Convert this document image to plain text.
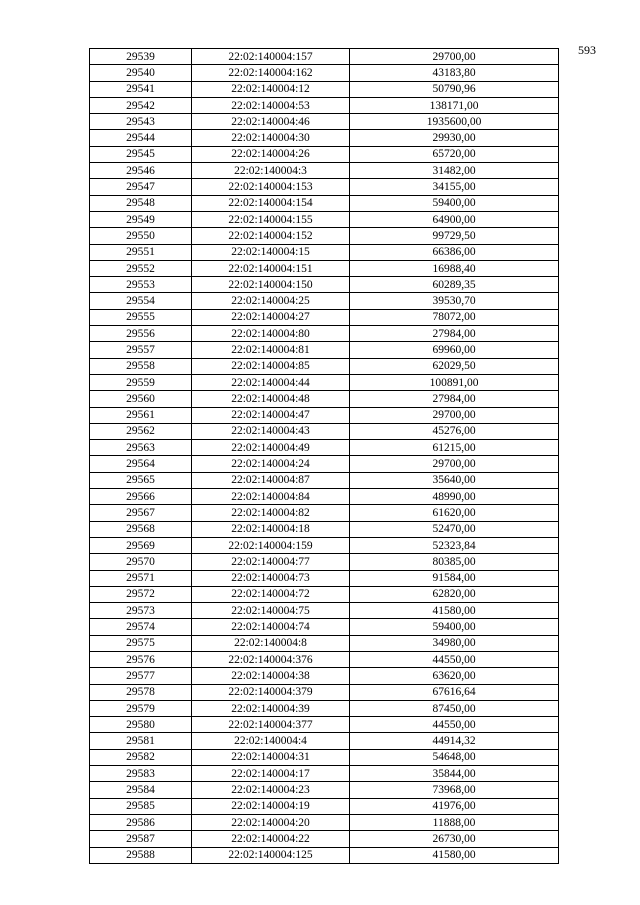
593
29539	22:02:140004:157	29700,00
29540	22:02:140004:162	43183,80
29541	22:02:140004:12	50790,96
29542	22:02:140004:53	138171,00
29543	22:02:140004:46	1935600,00
29544	22:02:140004:30	29930,00
29545	22:02:140004:26	65720,00
29546	22:02:140004:3	31482,00
29547	22:02:140004:153	34155,00
29548	22:02:140004:154	59400,00
29549	22:02:140004:155	64900,00
29550	22:02:140004:152	99729,50
29551	22:02:140004:15	66386,00
29552	22:02:140004:151	16988,40
29553	22:02:140004:150	60289,35
29554	22:02:140004:25	39530,70
29555	22:02:140004:27	78072,00
29556	22:02:140004:80	27984,00
29557	22:02:140004:81	69960,00
29558	22:02:140004:85	62029,50
29559	22:02:140004:44	100891,00
29560	22:02:140004:48	27984,00
29561	22:02:140004:47	29700,00
29562	22:02:140004:43	45276,00
29563	22:02:140004:49	61215,00
29564	22:02:140004:24	29700,00
29565	22:02:140004:87	35640,00
29566	22:02:140004:84	48990,00
29567	22:02:140004:82	61620,00
29568	22:02:140004:18	52470,00
29569	22:02:140004:159	52323,84
29570	22:02:140004:77	80385,00
29571	22:02:140004:73	91584,00
29572	22:02:140004:72	62820,00
29573	22:02:140004:75	41580,00
29574	22:02:140004:74	59400,00
29575	22:02:140004:8	34980,00
29576	22:02:140004:376	44550,00
29577	22:02:140004:38	63620,00
29578	22:02:140004:379	67616,64
29579	22:02:140004:39	87450,00
29580	22:02:140004:377	44550,00
29581	22:02:140004:4	44914,32
29582	22:02:140004:31	54648,00
29583	22:02:140004:17	35844,00
29584	22:02:140004:23	73968,00
29585	22:02:140004:19	41976,00
29586	22:02:140004:20	11888,00
29587	22:02:140004:22	26730,00
29588	22:02:140004:125	41580,00
